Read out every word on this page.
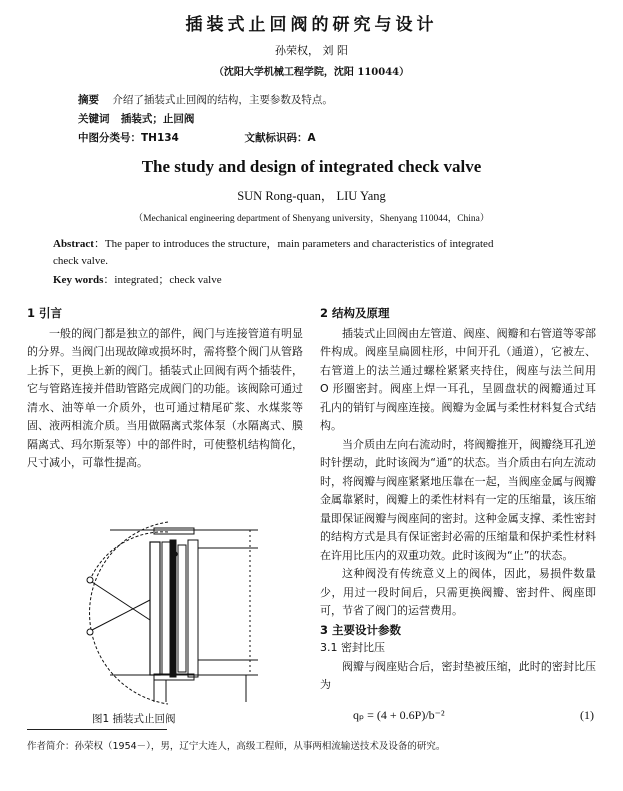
插装式止回阀的研究与设计
孙荣权， 刘 阳
（沈阳大学机械工程学院，沈阳 110044）
摘要 介绍了插装式止回阀的结构，主要参数及特点。
关键词 插装式；止回阀
中图分类号：TH134	文献标识码：A
The study and design of integrated check valve
SUN Rong-quan， LIU Yang
（Mechanical engineering department of Shenyang university，Shenyang 110044，China）
Abstract：The paper to introduces the structure，main parameters and characteristics of integrated
check valve.
Key words：integrated；check valve

1 引言

一般的阀门都是独立的部件，阀门与连接管道有明显的分界。当阀门出现故障或损坏时，需将整个阀门从管路上拆下，更换上新的阀门。插装式止回阀有两个插装件，它与管路连接并借助管路完成阀门的功能。该阀除可通过清水、油等单一介质外，也可通过精尾矿浆、水煤浆等固、液两相流介质。当用做隔离式浆体泵（水隔离式、膜隔离式、玛尔斯泵等）中的部件时，可使整机结构简化，尺寸减小，可靠性提高。

图1 插装式止回阀

2 结构及原理

插装式止回阀由左管道、阀座、阀瓣和右管道等零部件构成。阀座呈扁圆柱形，中间开孔（通道），它被左、右管道上的法兰通过螺栓紧紧夹持住，阀座与法兰间用 O 形圈密封。阀座上焊一耳孔，呈圆盘状的阀瓣通过耳孔内的销钉与阀座连接。阀瓣为金属与柔性材料复合式结构。

当介质由左向右流动时，将阀瓣推开，阀瓣绕耳孔逆时针摆动，此时该阀为“通”的状态。当介质由右向左流动时，将阀瓣与阀座紧紧地压靠在一起，当阀座金属与阀瓣金属靠紧时，阀瓣上的柔性材料有一定的压缩量，该压缩量即保证阀瓣与阀座间的密封。这种金属支撑、柔性密封的结构方式是具有保证密封必需的压缩量和保护柔性材料在许用比压内的双重功效。此时该阀为“止”的状态。

这种阀没有传统意义上的阀体，因此，易损件数量少，用过一段时间后，只需更换阀瓣、密封件、阀座即可，节省了阀门的运营费用。

3 主要设计参数

3.1 密封比压

阀瓣与阀座贴合后，密封垫被压缩，此时的密封比压为

qₚ = (4 + 0.6P)/b⁻²	(1)
作者简介：孙荣权（1954－），男，辽宁大连人，高级工程师，从事两相流输送技术及设备的研究。
